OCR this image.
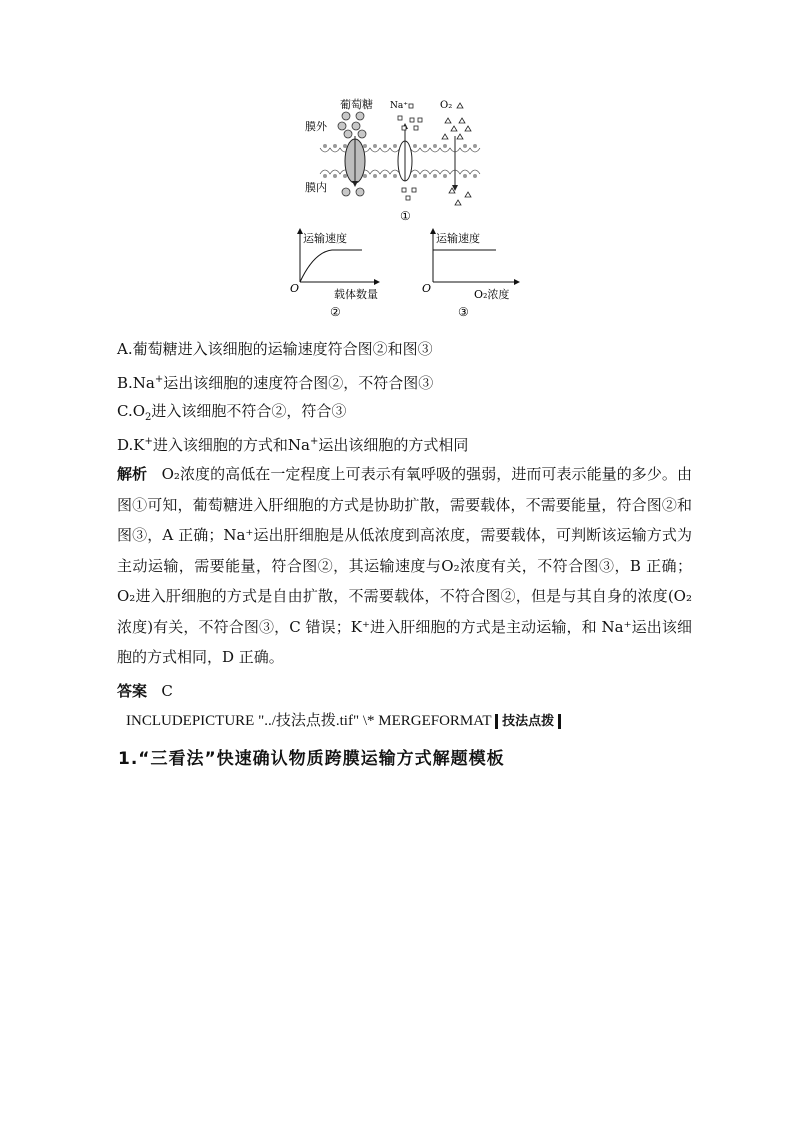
葡萄糖 Na⁺	O₂
膜外
膜内
①
运输速度
载体数量
O
②
运输速度
O₂浓度
O
③
A.葡萄糖进入该细胞的运输速度符合图②和图③
B.Na+运出该细胞的速度符合图②，不符合图③
$C.O_2$进入该细胞不符合②，符合③
D.K+进入该细胞的方式和Na+运出该细胞的方式相同
解析 O₂浓度的高低在一定程度上可表示有氧呼吸的强弱，进而可表示能量的多少。由图①可知，葡萄糖进入肝细胞的方式是协助扩散，需要载体，不需要能量，符合图②和图③，A 正确；Na⁺运出肝细胞是从低浓度到高浓度，需要载体，可判断该运输方式为主动运输，需要能量，符合图②，其运输速度与O₂浓度有关，不符合图③，B 正确；O₂进入肝细胞的方式是自由扩散，不需要载体，不符合图②，但是与其自身的浓度(O₂浓度)有关，不符合图③，C 错误；K⁺进入肝细胞的方式是主动运输，和 Na⁺运出该细胞的方式相同，D 正确。
答案 C
INCLUDEPICTURE "../技法点拨.tif" \* MERGEFORMAT 技法点拨
1.“三看法”快速确认物质跨膜运输方式解题模板
